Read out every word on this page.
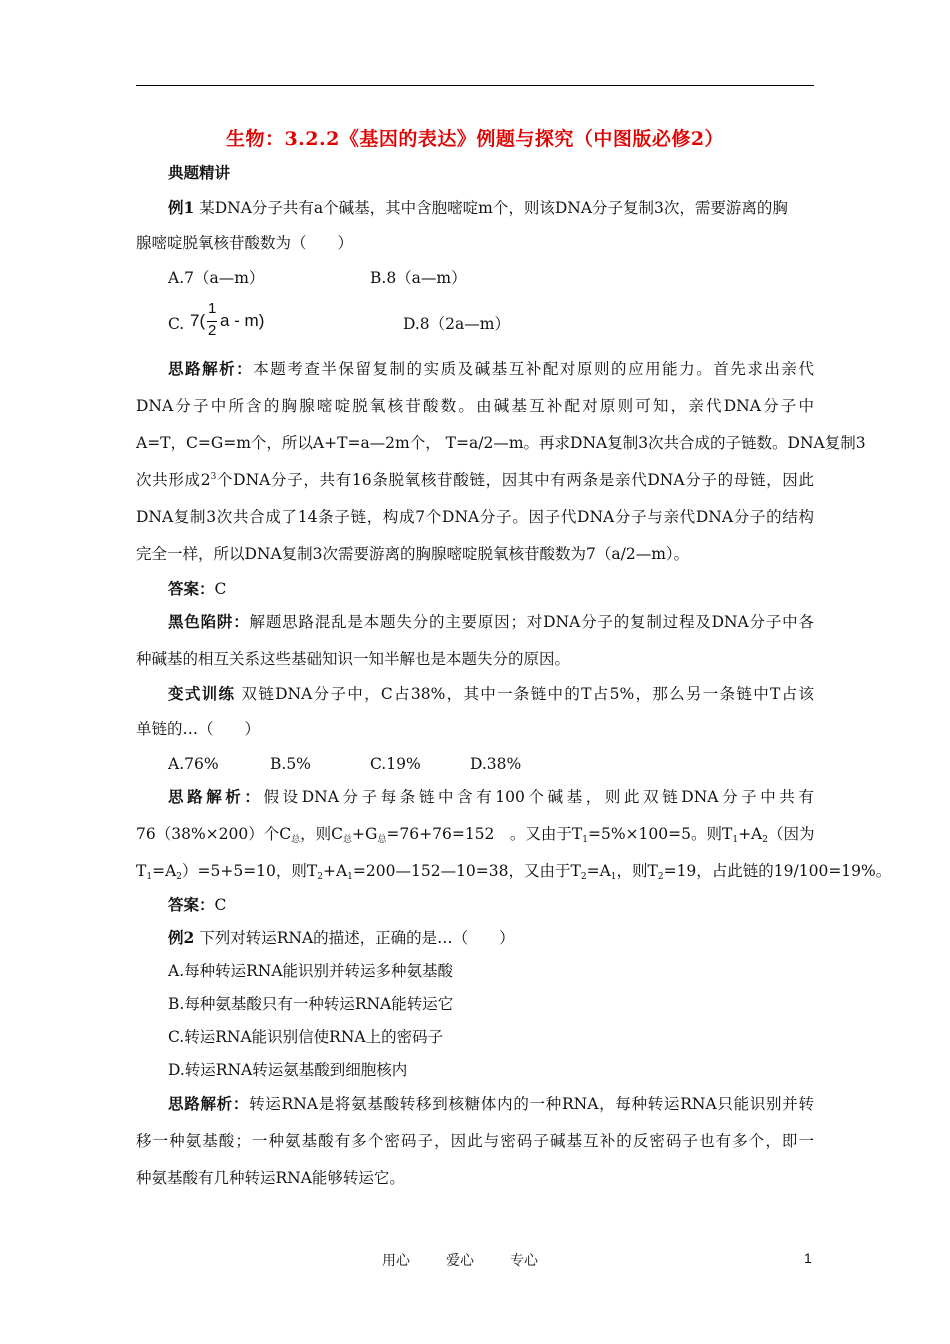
生物：3.2.2《基因的表达》例题与探究（中图版必修2）
典题精讲
例1 某DNA分子共有a个碱基，其中含胞嘧啶m个，则该DNA分子复制3次，需要游离的胸
腺嘧啶脱氧核苷酸数为（　　）
A.7（a—m）	B.8（a—m）
C. 7(
1
2
a - m)	D.8（2a—m）
思路解析：本题考查半保留复制的实质及碱基互补配对原则的应用能力。首先求出亲代
DNA分子中所含的胸腺嘧啶脱氧核苷酸数。由碱基互补配对原则可知，亲代DNA分子中
A=T，C=G=m个，所以A+T=a—2m个， T=a/2—m。再求DNA复制3次共合成的子链数。DNA复制3
次共形成$2^3$个DNA分子，共有16条脱氧核苷酸链，因其中有两条是亲代DNA分子的母链，因此
DNA复制3次共合成了14条子链，构成7个DNA分子。因子代DNA分子与亲代DNA分子的结构
完全一样，所以DNA复制3次需要游离的胸腺嘧啶脱氧核苷酸数为7（a/2—m）。
答案：C
黑色陷阱：解题思路混乱是本题失分的主要原因；对DNA分子的复制过程及DNA分子中各
种碱基的相互关系这些基础知识一知半解也是本题失分的原因。
变式训练 双链DNA分子中，C占38%，其中一条链中的T占5%，那么另一条链中T占该
单链的…（　　）
A.76%	B.5%	C.19%	D.38%
思路解析：假设DNA分子每条链中含有100个碱基，则此双链DNA分子中共有
76（38%×200）个$C_总$，则$C_总+G_总=76+76=152$　。又由于$T_1=5\%\times 100=5$。则$T_1+A_2$（因为
$T_1=A_2)=5+5=10$，则$T_2+A_1=200—152—10=38$，又由于$T_2=A_1$，则$T_2=19$，占此链的19/100=19%。
答案：C
例2 下列对转运RNA的描述，正确的是…（　　）
A.每种转运RNA能识别并转运多种氨基酸
B.每种氨基酸只有一种转运RNA能转运它
C.转运RNA能识别信使RNA上的密码子
D.转运RNA转运氨基酸到细胞核内
思路解析：转运RNA是将氨基酸转移到核糖体内的一种RNA，每种转运RNA只能识别并转
移一种氨基酸；一种氨基酸有多个密码子，因此与密码子碱基互补的反密码子也有多个，即一
种氨基酸有几种转运RNA能够转运它。
用心	爱心	专心	1
